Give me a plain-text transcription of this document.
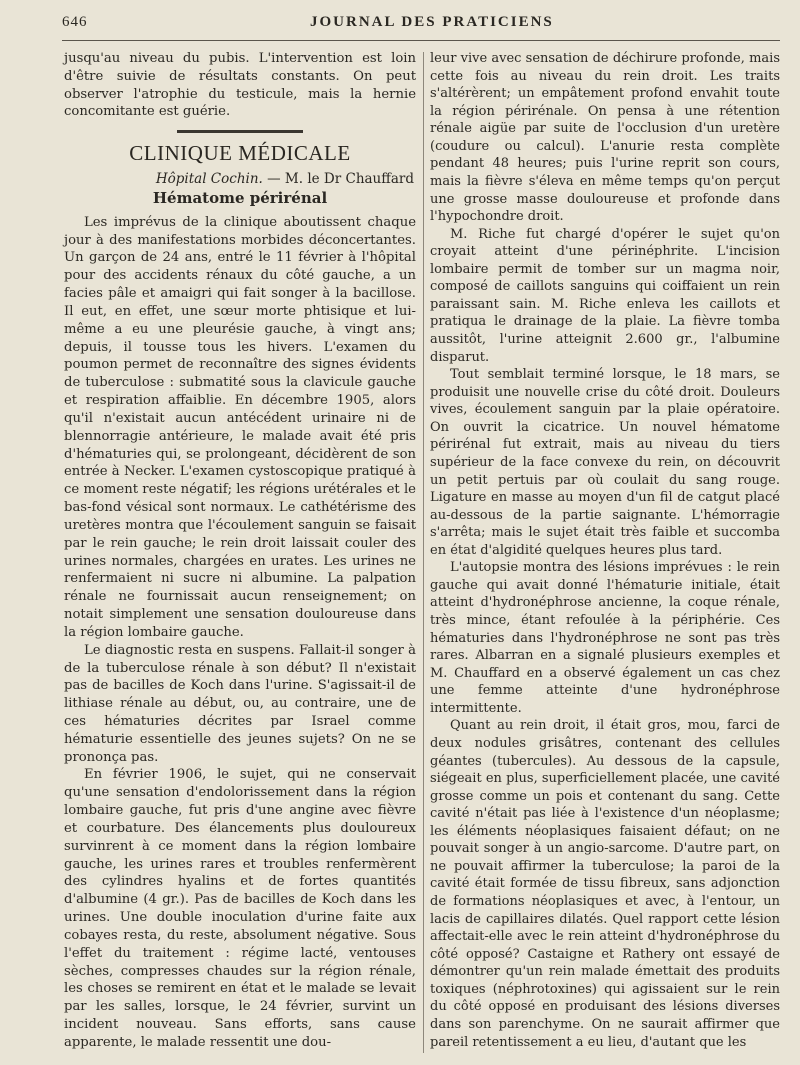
646	JOURNAL DES PRATICIENS

jusqu'au niveau du pubis. L'intervention est loin d'être suivie de résultats constants. On peut observer l'atrophie du testicule, mais la hernie concomitante est guérie.

CLINIQUE MÉDICALE
Hôpital Cochin. — M. le Dr Chauffard
Hématome périrénal

Les imprévus de la clinique aboutissent chaque jour à des manifestations morbides déconcertantes. Un garçon de 24 ans, entré le 11 février à l'hôpital pour des accidents rénaux du côté gauche, a un facies pâle et amaigri qui fait songer à la bacillose. Il eut, en effet, une sœur morte phtisique et lui-même a eu une pleurésie gauche, à vingt ans; depuis, il tousse tous les hivers. L'examen du poumon permet de reconnaître des signes évidents de tuberculose : submatité sous la clavicule gauche et respiration affaiblie. En décembre 1905, alors qu'il n'existait aucun antécédent urinaire ni de blennorragie antérieure, le malade avait été pris d'hématuries qui, se prolongeant, décidèrent de son entrée à Necker. L'examen cystoscopique pratiqué à ce moment reste négatif; les régions urétérales et le bas-fond vésical sont normaux. Le cathétérisme des uretères montra que l'écoulement sanguin se faisait par le rein gauche; le rein droit laissait couler des urines normales, chargées en urates. Les urines ne renfermaient ni sucre ni albumine. La palpation rénale ne fournissait aucun renseignement; on notait simplement une sensation douloureuse dans la région lombaire gauche.

Le diagnostic resta en suspens. Fallait-il songer à de la tuberculose rénale à son début? Il n'existait pas de bacilles de Koch dans l'urine. S'agissait-il de lithiase rénale au début, ou, au contraire, une de ces hématuries décrites par Israel comme hématurie essentielle des jeunes sujets? On ne se prononça pas.

En février 1906, le sujet, qui ne conservait qu'une sensation d'endolorissement dans la région lombaire gauche, fut pris d'une angine avec fièvre et courbature. Des élancements plus douloureux survinrent à ce moment dans la région lombaire gauche, les urines rares et troubles renfermèrent des cylindres hyalins et de fortes quantités d'albumine (4 gr.). Pas de bacilles de Koch dans les urines. Une double inoculation d'urine faite aux cobayes resta, du reste, absolument négative. Sous l'effet du traitement : régime lacté, ventouses sèches, compresses chaudes sur la région rénale, les choses se remirent en état et le malade se levait par les salles, lorsque, le 24 février, survint un incident nouveau. Sans efforts, sans cause apparente, le malade ressentit une dou-

leur vive avec sensation de déchirure profonde, mais cette fois au niveau du rein droit. Les traits s'altérèrent; un empâtement profond envahit toute la région périrénale. On pensa à une rétention rénale aigüe par suite de l'occlusion d'un uretère (coudure ou calcul). L'anurie resta complète pendant 48 heures; puis l'urine reprit son cours, mais la fièvre s'éleva en même temps qu'on perçut une grosse masse douloureuse et profonde dans l'hypochondre droit.

M. Riche fut chargé d'opérer le sujet qu'on croyait atteint d'une périnéphrite. L'incision lombaire permit de tomber sur un magma noir, composé de caillots sanguins qui coiffaient un rein paraissant sain. M. Riche enleva les caillots et pratiqua le drainage de la plaie. La fièvre tomba aussitôt, l'urine atteignit 2.600 gr., l'albumine disparut.

Tout semblait terminé lorsque, le 18 mars, se produisit une nouvelle crise du côté droit. Douleurs vives, écoulement sanguin par la plaie opératoire. On ouvrit la cicatrice. Un nouvel hématome périrénal fut extrait, mais au niveau du tiers supérieur de la face convexe du rein, on découvrit un petit pertuis par où coulait du sang rouge. Ligature en masse au moyen d'un fil de catgut placé au-dessous de la partie saignante. L'hémorragie s'arrêta; mais le sujet était très faible et succomba en état d'algidité quelques heures plus tard.

L'autopsie montra des lésions imprévues : le rein gauche qui avait donné l'hématurie initiale, était atteint d'hydronéphrose ancienne, la coque rénale, très mince, étant refoulée à la périphérie. Ces hématuries dans l'hydronéphrose ne sont pas très rares. Albarran en a signalé plusieurs exemples et M. Chauffard en a observé également un cas chez une femme atteinte d'une hydronéphrose intermittente.

Quant au rein droit, il était gros, mou, farci de deux nodules grisâtres, contenant des cellules géantes (tubercules). Au dessous de la capsule, siégeait en plus, superficiellement placée, une cavité grosse comme un pois et contenant du sang. Cette cavité n'était pas liée à l'existence d'un néoplasme; les éléments néoplasiques faisaient défaut; on ne pouvait songer à un angio-sarcome. D'autre part, on ne pouvait affirmer la tuberculose; la paroi de la cavité était formée de tissu fibreux, sans adjonction de formations néoplasiques et avec, à l'entour, un lacis de capillaires dilatés. Quel rapport cette lésion affectait-elle avec le rein atteint d'hydronéphrose du côté opposé? Castaigne et Rathery ont essayé de démontrer qu'un rein malade émettait des produits toxiques (néphrotoxines) qui agissaient sur le rein du côté opposé en produisant des lésions diverses dans son parenchyme. On ne saurait affirmer que pareil retentissement a eu lieu, d'autant que les
